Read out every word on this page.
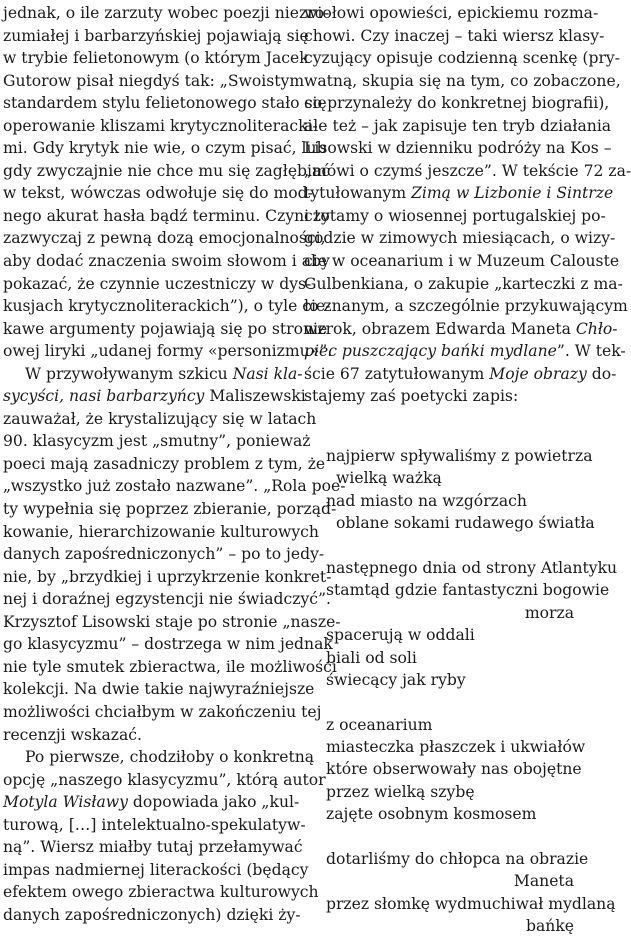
jednak, o ile zarzuty wobec poezji niezro-
zumiałej i barbarzyńskiej pojawiają się
w trybie felietonowym (o którym Jacek
Gutorow pisał niegdyś tak: „Swoistym
standardem stylu felietonowego stało się
operowanie kliszami krytycznoliteracki-
mi. Gdy krytyk nie wie, o czym pisać, lub
gdy zwyczajnie nie chce mu się zagłębiać
w tekst, wówczas odwołuje się do mod-
nego akurat hasła bądź terminu. Czyni to
zazwyczaj z pewną dozą emocjonalności,
aby dodać znaczenia swoim słowom i aby
pokazać, że czynnie uczestniczy w dys-
kusjach krytycznoliterackich”), o tyle cie-
kawe argumenty pojawiają się po stronie
owej liryki „udanej formy «personizmu»”.
W przywoływanym szkicu Nasi kla-
sycyści, nasi barbarzyńcy Maliszewski
zauważał, że krystalizujący się w latach
90. klasycyzm jest „smutny”, ponieważ
poeci mają zasadniczy problem z tym, że
„wszystko już zostało nazwane”. „Rola poe-
ty wypełnia się poprzez zbieranie, porząd-
kowanie, hierarchizowanie kulturowych
danych zapośredniczonych” – po to jedy-
nie, by „brzydkiej i uprzykrzenie konkret-
nej i doraźnej egzystencji nie świadczyć”.
Krzysztof Lisowski staje po stronie „nasze-
go klasycyzmu” – dostrzega w nim jednak
nie tyle smutek zbieractwa, ile możliwości
kolekcji. Na dwie takie najwyraźniejsze
możliwości chciałbym w zakończeniu tej
recenzji wskazać.
Po pierwsze, chodziłoby o konkretną
opcję „naszego klasycyzmu”, którą autor
Motyla Wisławy dopowiada jako „kul-
turową, […] intelektualno-spekulatyw-
ną”. Wiersz miałby tutaj przełamywać
impas nadmiernej literackości (będący
efektem owego zbieractwa kulturowych
danych zapośredniczonych) dzięki ży-
wiołowi opowieści, epickiemu rozma-
chowi. Czy inaczej – taki wiersz klasy-
cyzujący opisuje codzienną scenkę (pry-
watną, skupia się na tym, co zobaczone,
co przynależy do konkretnej biografii),
ale też – jak zapisuje ten tryb działania
Lisowski w dzienniku podróży na Kos –
„mówi o czymś jeszcze”. W tekście 72 za-
tytułowanym Zimą w Lizbonie i Sintrze
czytamy o wiosennej portugalskiej po-
godzie w zimowych miesiącach, o wizy-
cie w oceanarium i w Muzeum Calouste
Gulbenkiana, o zakupie „karteczki z ma-
ło znanym, a szczególnie przykuwającym
wzrok, obrazem Edwarda Maneta Chło-
piec puszczający bańki mydlane”. W tek-
ście 67 zatytułowanym Moje obrazy do-
stajemy zaś poetycki zapis:
najpierw spływaliśmy z powietrza
wielką ważką
nad miasto na wzgórzach
oblane sokami rudawego światła
następnego dnia od strony Atlantyku
stamtąd gdzie fantastyczni bogowie
morza
spacerują w oddali
biali od soli
świecący jak ryby
z oceanarium
miasteczka płaszczek i ukwiałów
które obserwowały nas obojętne
przez wielką szybę
zajęte osobnym kosmosem
dotarliśmy do chłopca na obrazie
Maneta
przez słomkę wydmuchiwał mydlaną
bańkę
